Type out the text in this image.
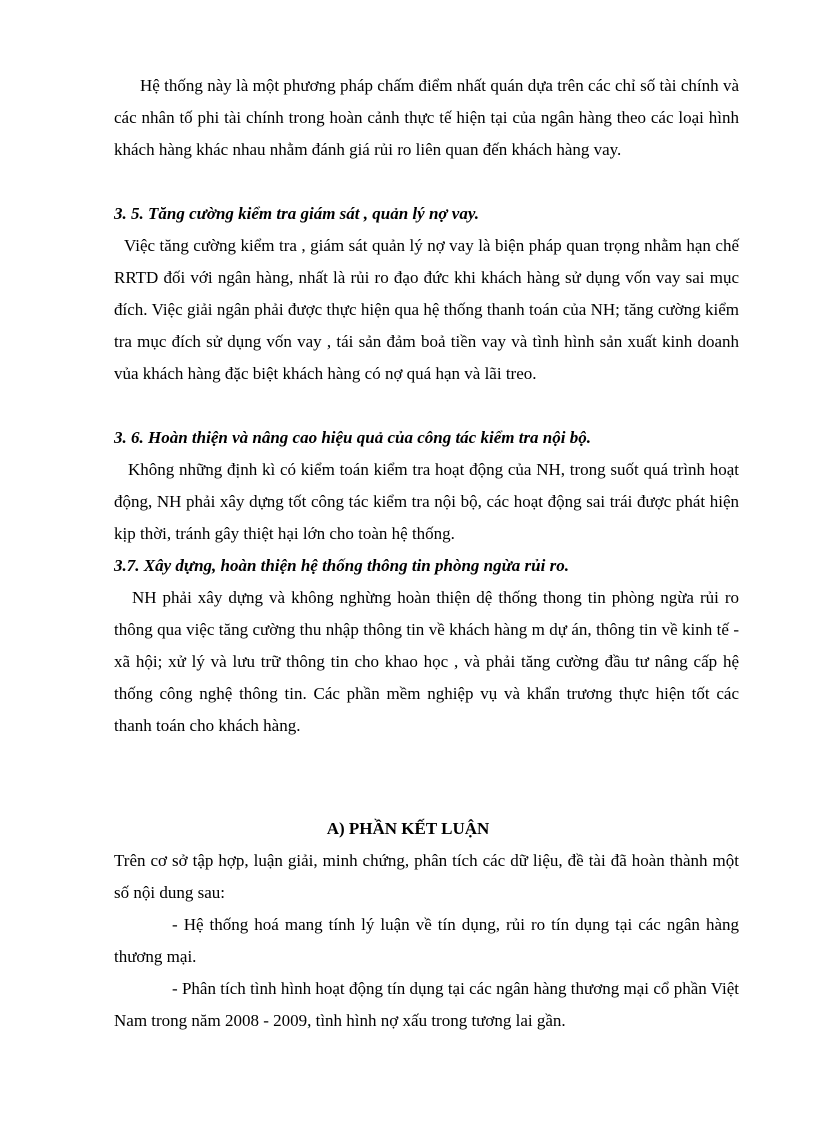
Hệ thống này là một phương pháp chấm điểm nhất quán dựa trên các chỉ số tài chính và các nhân tố phi tài chính trong hoàn cảnh thực tế hiện tại của ngân hàng theo các loại hình khách hàng khác nhau nhằm đánh giá rủi ro liên quan đến khách hàng vay.

3. 5. Tăng cường kiểm tra giám sát , quản lý nợ vay.

Việc tăng cường kiểm tra , giám sát quản lý nợ vay là biện pháp quan trọng nhằm hạn chế RRTD đối với ngân hàng, nhất là rủi ro đạo đức khi khách hàng sử dụng vốn vay sai mục đích. Việc giải ngân phải được thực hiện qua hệ thống thanh toán của NH; tăng cường kiểm tra mục đích sử dụng vốn vay , tái sản đảm boả tiền vay và tình hình sản xuất kinh doanh vủa khách hàng đặc biệt khách hàng có nợ quá hạn và lãi treo.

3. 6. Hoàn thiện và nâng cao hiệu quả của công tác kiểm tra nội bộ.

Không những định kì có kiểm toán kiểm tra hoạt động của NH, trong suốt quá trình hoạt động, NH phải xây dựng tốt công tác kiểm tra nội bộ, các hoạt động sai trái được phát hiện kịp thời, tránh gây thiệt hại lớn cho toàn hệ thống.

3.7. Xây dựng, hoàn thiện hệ thống thông tin phòng ngừa rủi ro.

NH phải xây dựng và không nghừng hoàn thiện dệ thống thong tin phòng ngừa rủi ro thông qua việc tăng cường thu nhập thông tin về khách hàng m dự án, thông tin về kinh tế - xã hội; xử lý và lưu trữ thông tin cho khao học , và phải tăng cường đầu tư nâng cấp hệ thống công nghệ thông tin. Các phần mềm nghiệp vụ và khẩn trương thực hiện tốt các thanh toán cho khách hàng.

A) PHẦN KẾT LUẬN

Trên cơ sở tập hợp, luận giải, minh chứng, phân tích các dữ liệu, đề tài đã hoàn thành một số nội dung sau:

- Hệ thống hoá mang tính lý luận về tín dụng, rủi ro tín dụng tại các ngân hàng thương mại.

- Phân tích tình hình hoạt động tín dụng tại các ngân hàng thương mại cổ phần Việt Nam trong năm 2008 - 2009, tình hình nợ xấu trong tương lai gần.
